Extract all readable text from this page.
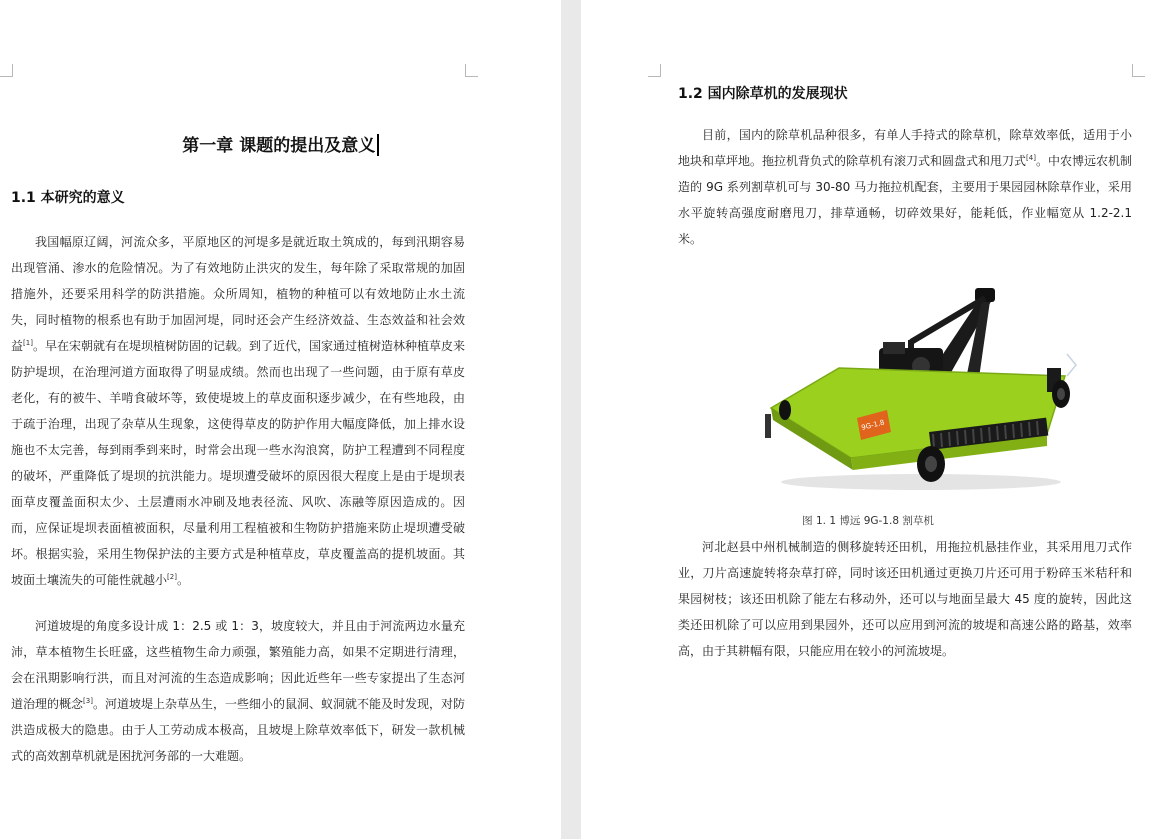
第一章 课题的提出及意义
1.1 本研究的意义

我国幅原辽阔，河流众多，平原地区的河堤多是就近取土筑成的，每到汛期容易出现管涌、渗水的危险情况。为了有效地防止洪灾的发生，每年除了采取常规的加固措施外，还要采用科学的防洪措施。众所周知，植物的种植可以有效地防止水土流失，同时植物的根系也有助于加固河堤，同时还会产生经济效益、生态效益和社会效益[1]。早在宋朝就有在堤坝植树防固的记载。到了近代，国家通过植树造林种植草皮来防护堤坝，在治理河道方面取得了明显成绩。然而也出现了一些问题，由于原有草皮老化，有的被牛、羊啃食破坏等，致使堤坡上的草皮面积逐步减少，在有些地段，由于疏于治理，出现了杂草从生现象，这使得草皮的防护作用大幅度降低，加上排水设施也不太完善，每到雨季到来时，时常会出现一些水沟浪窝，防护工程遭到不同程度的破坏，严重降低了堤坝的抗洪能力。堤坝遭受破坏的原因很大程度上是由于堤坝表面草皮覆盖面积太少、土层遭雨水冲刷及地表径流、风吹、冻融等原因造成的。因而，应保证堤坝表面植被面积，尽量利用工程植被和生物防护措施来防止堤坝遭受破坏。根据实验，采用生物保护法的主要方式是种植草皮，草皮覆盖高的提机坡面。其坡面土壤流失的可能性就越小[2]。

河道坡堤的角度多设计成 1：2.5 或 1：3，坡度较大，并且由于河流两边水量充沛，草本植物生长旺盛，这些植物生命力顽强，繁殖能力高，如果不定期进行清理，会在汛期影响行洪，而且对河流的生态造成影响；因此近些年一些专家提出了生态河道治理的概念[3]。河道坡堤上杂草丛生，一些细小的鼠洞、蚁洞就不能及时发现，对防洪造成极大的隐患。由于人工劳动成本极高，且坡堤上除草效率低下，研发一款机械式的高效割草机就是困扰河务部的一大难题。

1.2 国内除草机的发展现状

目前，国内的除草机品种很多，有单人手持式的除草机，除草效率低，适用于小地块和草坪地。拖拉机背负式的除草机有滚刀式和圆盘式和甩刀式[4]。中农博远农机制造的 9G 系列割草机可与 30-80 马力拖拉机配套，主要用于果园园林除草作业，采用水平旋转高强度耐磨甩刀，排草通畅，切碎效果好，能耗低，作业幅宽从 1.2-2.1 米。

9G-1.8
图 1. 1 博远 9G-1.8 割草机

河北赵县中州机械制造的侧移旋转还田机，用拖拉机悬挂作业，其采用甩刀式作业，刀片高速旋转将杂草打碎，同时该还田机通过更换刀片还可用于粉碎玉米秸秆和果园树枝；该还田机除了能左右移动外，还可以与地面呈最大 45 度的旋转，因此这类还田机除了可以应用到果园外，还可以应用到河流的坡堤和高速公路的路基，效率高，由于其耕幅有限，只能应用在较小的河流坡堤。
